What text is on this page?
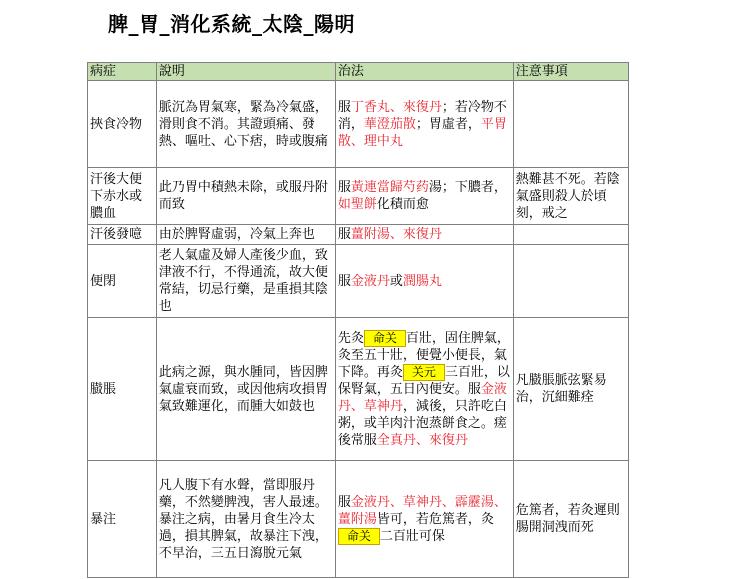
脾_胃_消化系統_太陰_陽明
病症	說明	治法	注意事項
挾食冷物	脈沉為胃氣寒，緊為冷氣盛，滑則食不消。其證頭痛、發熱、嘔吐、心下痞，時或腹痛	服丁香丸、來復丹；若冷物不消，華澄茄散；胃虛者，平胃散、理中丸	
汗後大便下赤水或膿血	此乃胃中積熱未除，或服丹附而致	服黃連當歸芍药湯；下膿者，如聖餅化積而愈	熱難甚不死。若陰氣盛則殺人於頃刻，戒之
汗後發噫	由於脾腎虛弱，冷氣上奔也	服薑附湯、來復丹	
便閉	老人氣虛及婦人產後少血，致津液不行，不得通流，故大便常結，切忌行藥，是重損其陰也	服金液丹或潤腸丸	
臌脹	此病之源，與水腫同，皆因脾氣虛衰而致，或因他病攻損胃氣致難運化，而腫大如鼓也	先灸 命关 百壯，固住脾氣，灸至五十壯，便覺小便長，氣下降。再灸 关元 三百壯，以保腎氣，五日內便安。服金液丹、草神丹，減後，只許吃白粥，或羊肉汁泡蒸餅食之。瘥後常服全真丹、來復丹	凡臌脹脈弦緊易治，沉細難痊
暴注	凡人腹下有水聲，當即服丹藥，不然變脾洩，害人最速。暴注之病，由暑月食生冷太過，損其脾氣，故暴注下洩，不早治，三五日瀉脫元氣	服金液丹、草神丹、霹靂湯、薑附湯皆可，若危篤者，灸命关 二百壯可保	危篤者，若灸遲則腸開洞洩而死
